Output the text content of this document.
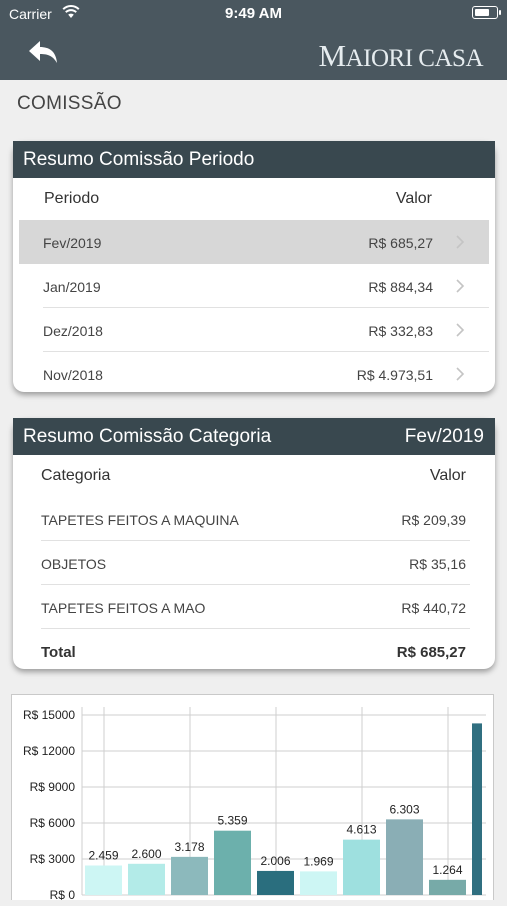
Carrier	9:49 AM
MAIORI CASA
COMISSÃO
Resumo Comissão Periodo
Periodo	Valor
Fev/2019	R$ 685,27
Jan/2019	R$ 884,34
Dez/2018	R$ 332,83
Nov/2018	R$ 4.973,51
Resumo Comissão Categoria	Fev/2019
Categoria	Valor
TAPETES FEITOS A MAQUINA	R$ 209,39
OBJETOS	R$ 35,16
TAPETES FEITOS A MAO	R$ 440,72
Total	R$ 685,27
R$ 15000
R$ 12000
R$ 9000
R$ 6000
R$ 3000
R$ 0
2.459 2.600 3.178
5.359
2.006 1.969
4.613
6.303
1.264
